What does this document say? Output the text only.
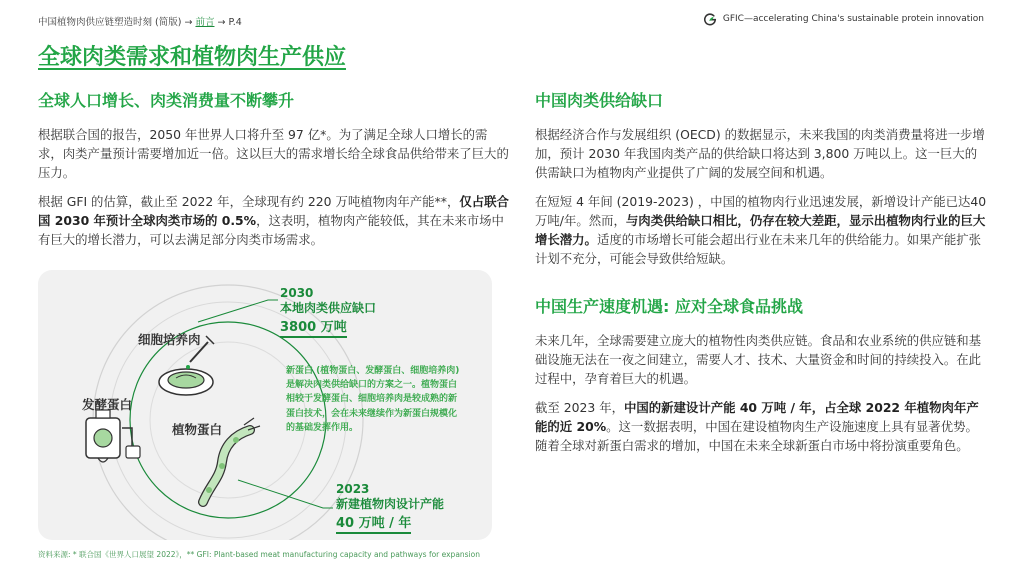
中国植物肉供应链塑造时刻 (简版) → 前言 → P.4	GFIC—accelerating China's sustainable protein innovation
全球肉类需求和植物肉生产供应
全球人口增长、肉类消费量不断攀升

根据联合国的报告，2050 年世界人口将升至 97 亿*。为了满足全球人口增长的需求，肉类产量预计需要增加近一倍。这以巨大的需求增长给全球食品供给带来了巨大的压力。

根据 GFI 的估算，截止至 2022 年，全球现有约 220 万吨植物肉年产能**，仅占联合国 2030 年预计全球肉类市场的 0.5%，这表明，植物肉产能较低，其在未来市场中有巨大的增长潜力，可以去满足部分肉类市场需求。

细胞培养肉
发酵蛋白
植物蛋白
2030
本地肉类供应缺口
3800 万吨
新蛋白 (植物蛋白、发酵蛋白、细胞培养肉) 是解决肉类供给缺口的方案之一。植物蛋白相较于发酵蛋白、细胞培养肉是较成熟的新蛋白技术，会在未来继续作为新蛋白规模化的基础发挥作用。
2023
新建植物肉设计产能
40 万吨 / 年
中国肉类供给缺口

根据经济合作与发展组织 (OECD) 的数据显示，未来我国的肉类消费量将进一步增加，预计 2030 年我国肉类产品的供给缺口将达到 3,800 万吨以上。这一巨大的供需缺口为植物肉产业提供了广阔的发展空间和机遇。

在短短 4 年间 (2019-2023) ，中国的植物肉行业迅速发展，新增设计产能已达40万吨/年。然而，与肉类供给缺口相比，仍存在较大差距，显示出植物肉行业的巨大增长潜力。适度的市场增长可能会超出行业在未来几年的供给能力。如果产能扩张计划不充分，可能会导致供给短缺。

中国生产速度机遇: 应对全球食品挑战

未来几年，全球需要建立庞大的植物性肉类供应链。食品和农业系统的供应链和基础设施无法在一夜之间建立，需要人才、技术、大量资金和时间的持续投入。在此过程中，孕育着巨大的机遇。

截至 2023 年，中国的新建设计产能 40 万吨 / 年，占全球 2022 年植物肉年产能的近 20%。这一数据表明，中国在建设植物肉生产设施速度上具有显著优势。随着全球对新蛋白需求的增加，中国在未来全球新蛋白市场中将扮演重要角色。

资料来源: * 联合国《世界人口展望 2022》，** GFI: Plant-based meat manufacturing capacity and pathways for expansion
